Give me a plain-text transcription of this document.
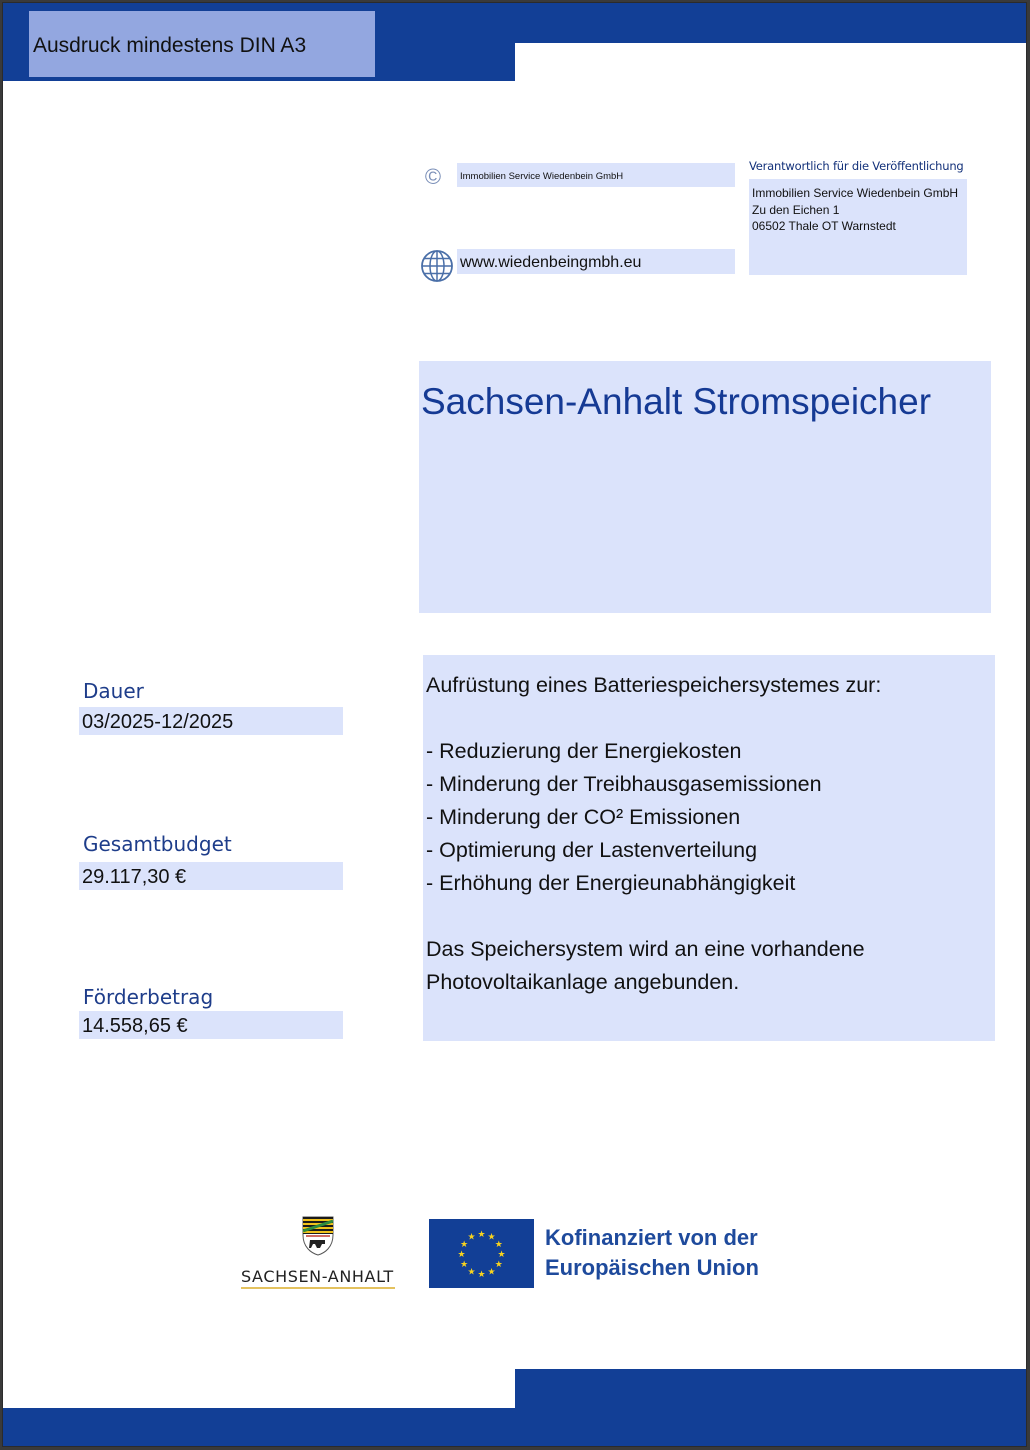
Ausdruck mindestens DIN A3
©	Immobilien Service Wiedenbein GmbH
www.wiedenbeingmbh.eu
Verantwortlich für die Veröffentlichung
Immobilien Service Wiedenbein GmbH
Zu den Eichen 1
06502 Thale OT Warnstedt
Sachsen-Anhalt Stromspeicher
Dauer
03/2025-12/2025
Gesamtbudget
29.117,30 €
Förderbetrag
14.558,65 €
Aufrüstung eines Batteriespeichersystemes zur:
- Reduzierung der Energiekosten
- Minderung der Treibhausgasemissionen
- Minderung der CO² Emissionen
- Optimierung der Lastenverteilung
- Erhöhung der Energieunabhängigkeit
Das Speichersystem wird an eine vorhandene
Photovoltaikanlage angebunden.
SACHSEN-ANHALT
★ ★
★
★
★
★
★
★
★
★
★
★	Kofinanziert von der
Europäischen Union
